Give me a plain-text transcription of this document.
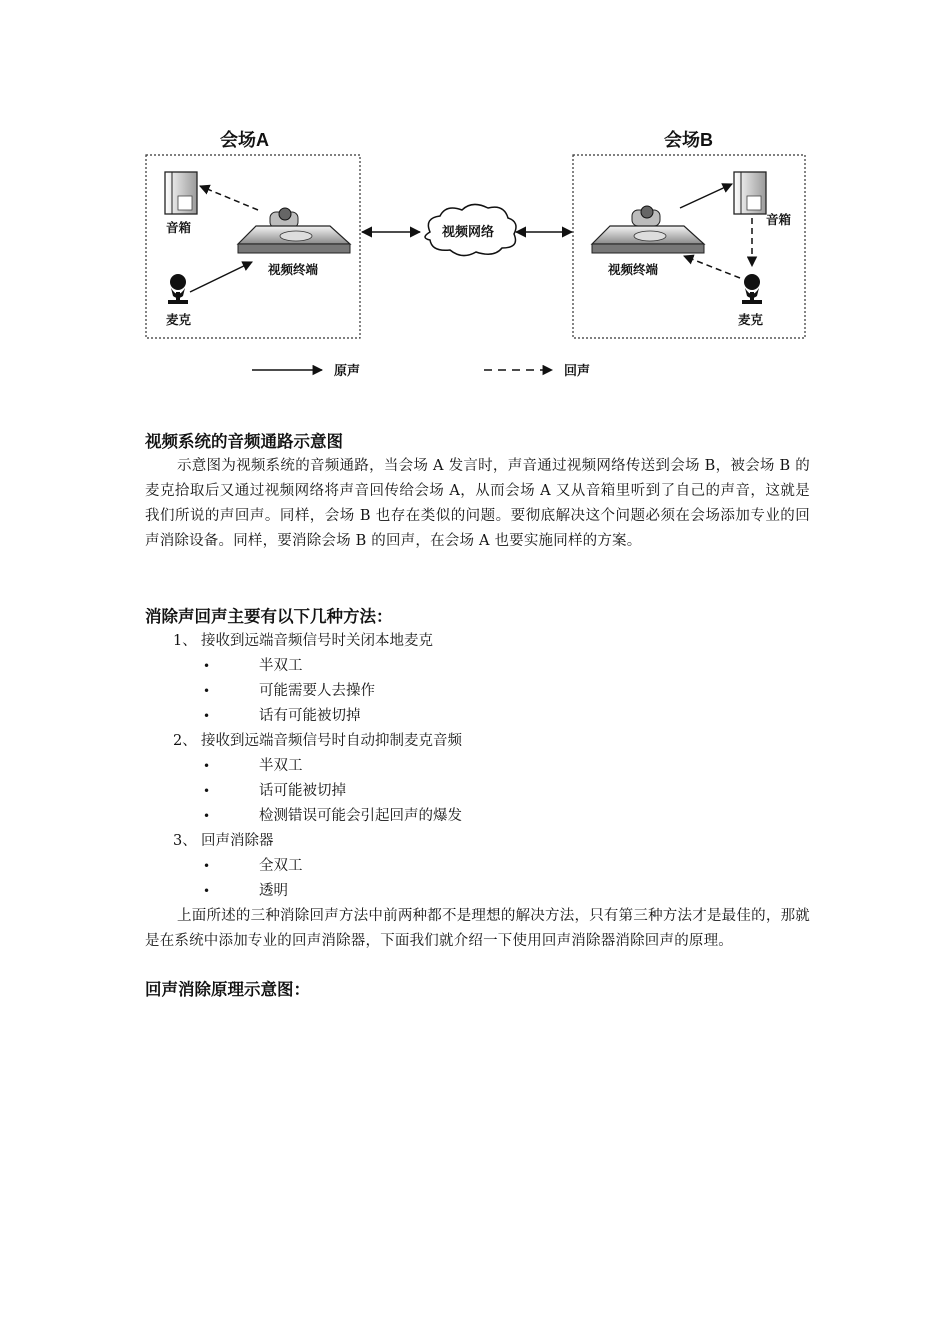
会场A
音箱
视频终端
麦克
视频网络
会场B
视频终端
音箱
麦克
原声	回声
视频系统的音频通路示意图

示意图为视频系统的音频通路，当会场 A 发言时，声音通过视频网络传送到会场 B，被会场 B 的麦克拾取后又通过视频网络将声音回传给会场 A，从而会场 A 又从音箱里听到了自己的声音，这就是我们所说的声回声。同样，会场 B 也存在类似的问题。要彻底解决这个问题必须在会场添加专业的回声消除设备。同样，要消除会场 B 的回声，在会场 A 也要实施同样的方案。

消除声回声主要有以下几种方法：
1、 接收到远端音频信号时关闭本地麦克
•	半双工
•	可能需要人去操作
•	话有可能被切掉
2、 接收到远端音频信号时自动抑制麦克音频
•	半双工
•	话可能被切掉
•	检测错误可能会引起回声的爆发
3、 回声消除器
•	全双工
•	透明

上面所述的三种消除回声方法中前两种都不是理想的解决方法，只有第三种方法才是最佳的，那就是在系统中添加专业的回声消除器，下面我们就介绍一下使用回声消除器消除回声的原理。

回声消除原理示意图：
